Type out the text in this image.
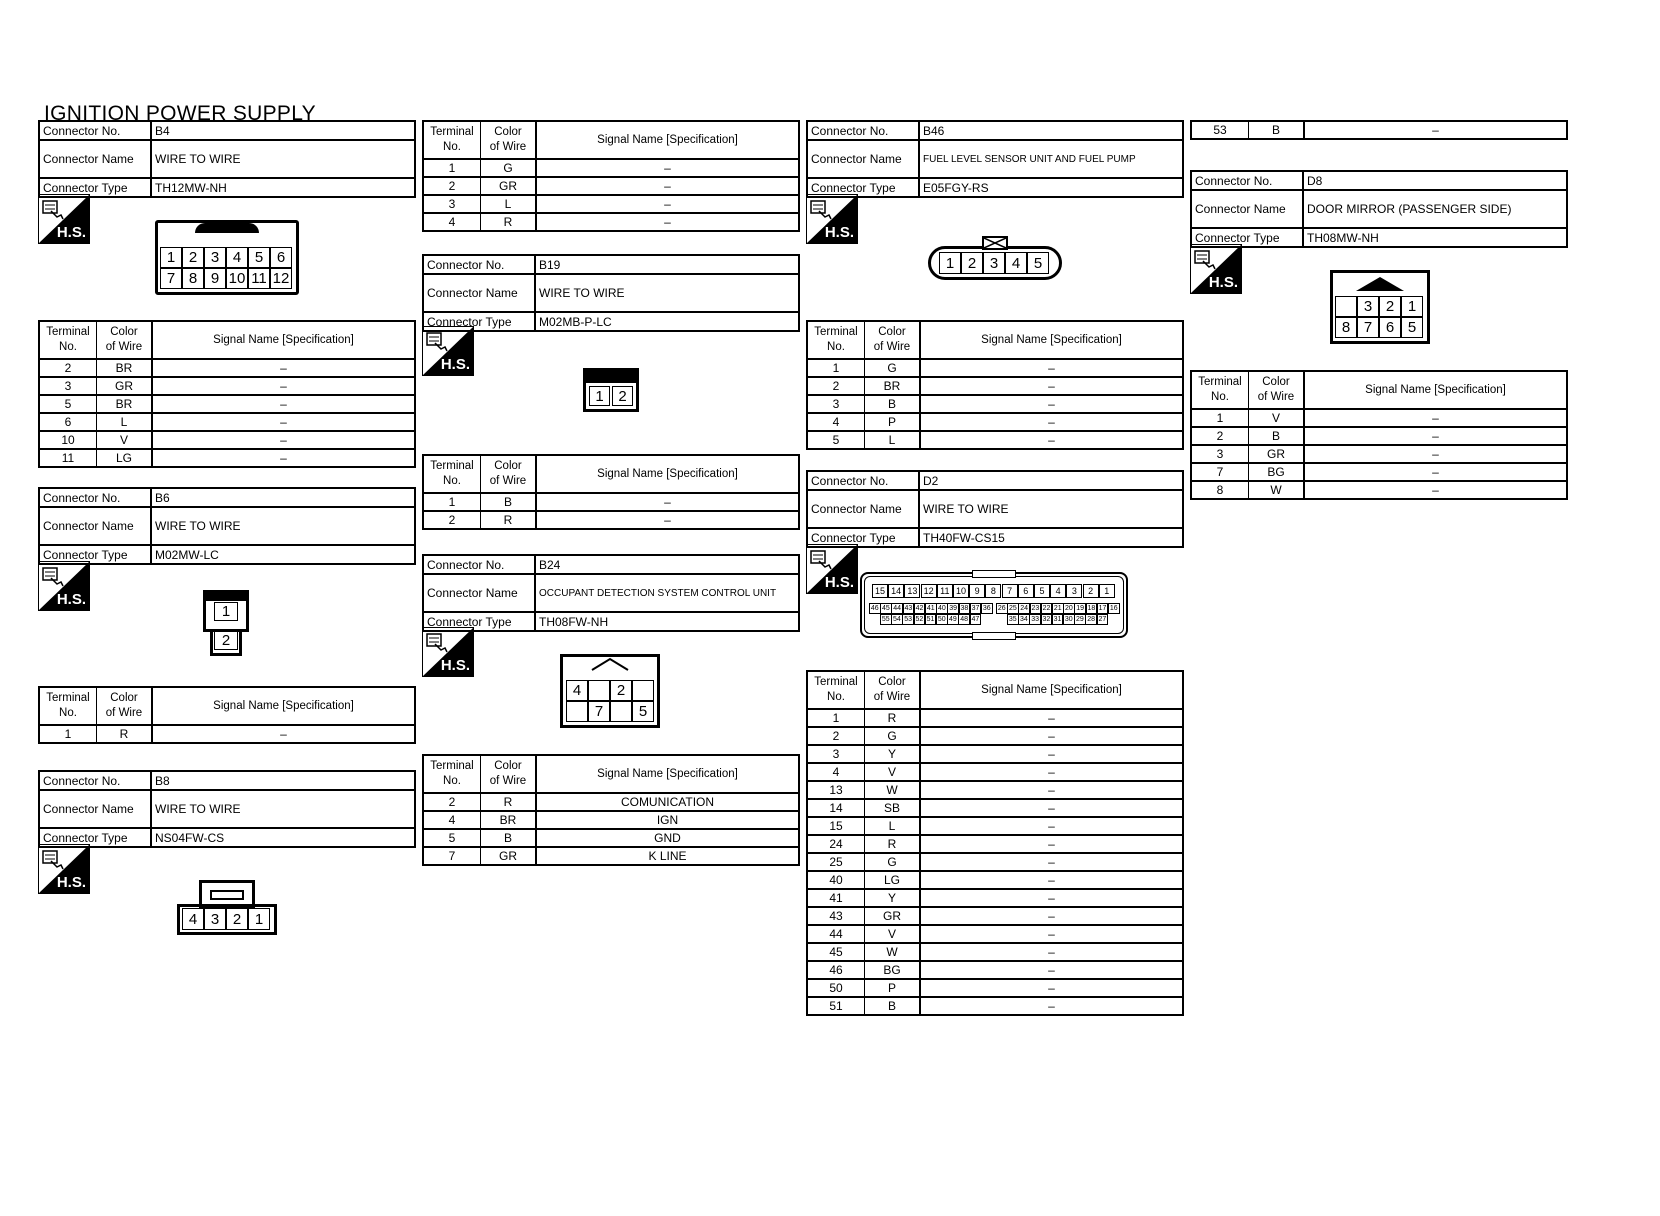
IGNITION POWER SUPPLY
Connector No.	B4
Connector Name	WIRE TO WIRE
Connector Type	TH12MW-NH
H.S.
1 2 3 4 5 6
7 8 9 10 11 12
Terminal
No.
Color
of Wire
Signal Name [Specification]
2	BR	–
3	GR	–
5	BR	–
6	L	–
10	V	–
11	LG	–
Connector No.	B6
Connector Name	WIRE TO WIRE
Connector Type	M02MW-LC
H.S.
1
2
Terminal
No.
Color
of Wire
Signal Name [Specification]
1	R	–
Connector No.	B8
Connector Name	WIRE TO WIRE
Connector Type	NS04FW-CS
H.S.
4 3 2 1
Terminal
No.
Color
of Wire
Signal Name [Specification]
1	G	–
2	GR	–
3	L	–
4	R	–
Connector No.	B19
Connector Name	WIRE TO WIRE
Connector Type	M02MB-P-LC
H.S.
1 2
Terminal
No.
Color
of Wire
Signal Name [Specification]
1	B	–
2	R	–
Connector No.	B24
Connector Name	OCCUPANT DETECTION SYSTEM CONTROL UNIT
Connector Type	TH08FW-NH
H.S.
4	2
7	5
Terminal
No.
Color
of Wire
Signal Name [Specification]
2	R	COMUNICATION
4	BR	IGN
5	B	GND
7	GR	K LINE
Connector No.	B46
Connector Name	FUEL LEVEL SENSOR UNIT AND FUEL PUMP
Connector Type	E05FGY-RS
H.S.
1 2 3 4 5
Terminal
No.
Color
of Wire
Signal Name [Specification]
1	G	–
2	BR	–
3	B	–
4	P	–
5	L	–
Connector No.	D2
Connector Name	WIRE TO WIRE
Connector Type	TH40FW-CS15
H.S.	15 14 13 12 11 10 9	8	7	6	5	4	3	2	1
46 45 44 43 42 41 40 39 38 37 36 26 25 24 23 22 21 20 19 18 17 16
55 54 53 52 51 50 49 48 47	35 34 33 32 31 30 29 28 27
Terminal
No.
Color
of Wire
Signal Name [Specification]
1	R	–
2	G	–
3	Y	–
4	V	–
13	W	–
14	SB	–
15	L	–
24	R	–
25	G	–
40	LG	–
41	Y	–
43	GR	–
44	V	–
45	W	–
46	BG	–
50	P	–
51	B	–
53	B	–
Connector No.	D8
Connector Name	DOOR MIRROR (PASSENGER SIDE)
Connector Type	TH08MW-NH
H.S.
3 2 1
8 7 6 5
Terminal
No.
Color
of Wire
Signal Name [Specification]
1	V	–
2	B	–
3	GR	–
7	BG	–
8	W	–
